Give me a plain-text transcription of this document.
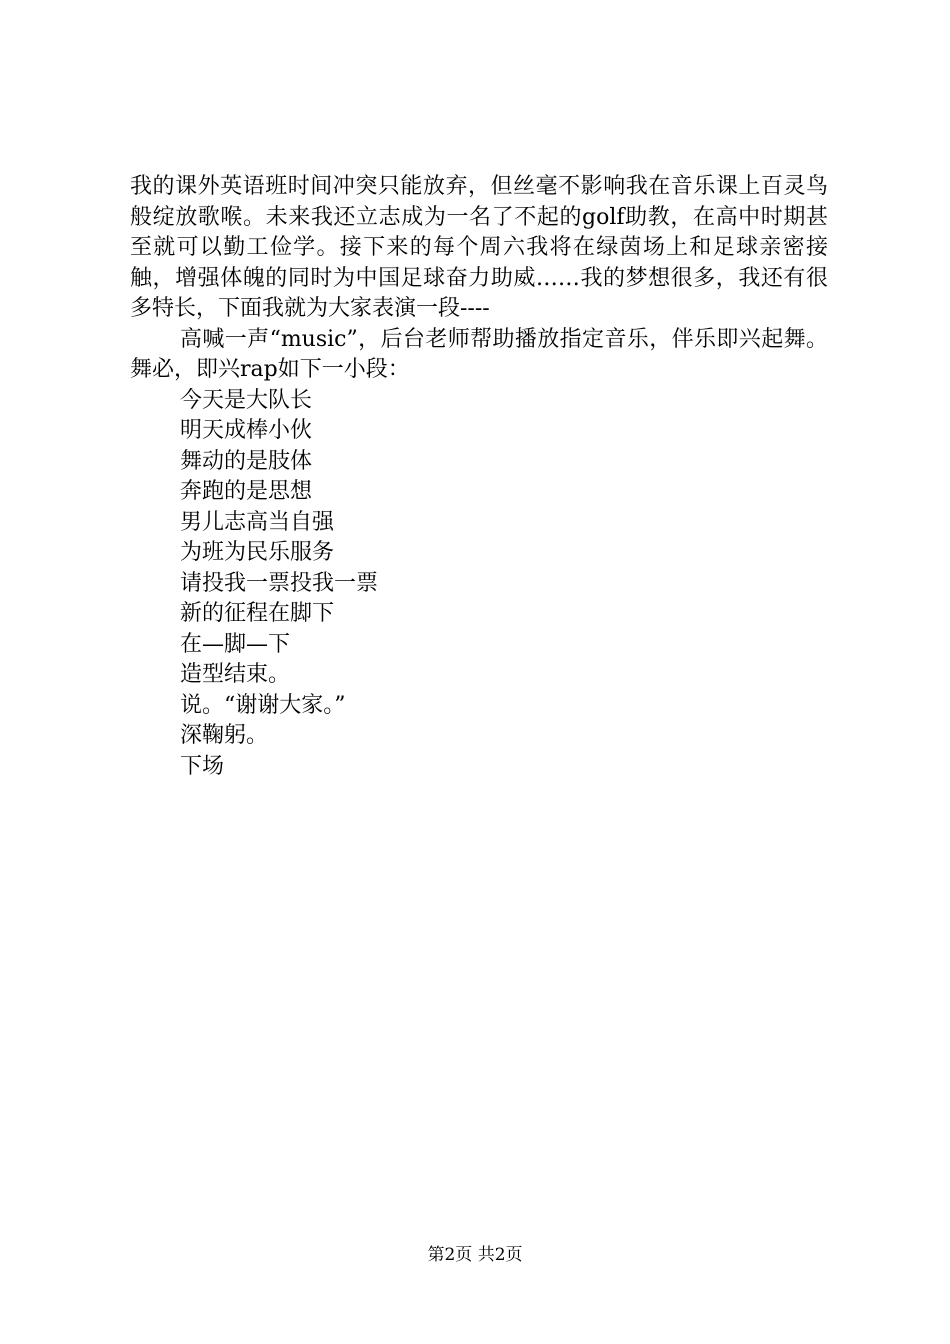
我的课外英语班时间冲突只能放弃，但丝毫不影响我在音乐课上百灵鸟般绽放歌喉。未来我还立志成为一名了不起的golf助教，在高中时期甚至就可以勤工俭学。接下来的每个周六我将在绿茵场上和足球亲密接触，增强体魄的同时为中国足球奋力助威……我的梦想很多，我还有很多特长，下面我就为大家表演一段----

高喊一声“music”，后台老师帮助播放指定音乐，伴乐即兴起舞。舞必，即兴rap如下一小段：

今天是大队长
明天成棒小伙
舞动的是肢体
奔跑的是思想
男儿志高当自强
为班为民乐服务
请投我一票投我一票
新的征程在脚下
在—脚—下
造型结束。
说。“谢谢大家。”
深鞠躬。
下场
第2页 共2页
